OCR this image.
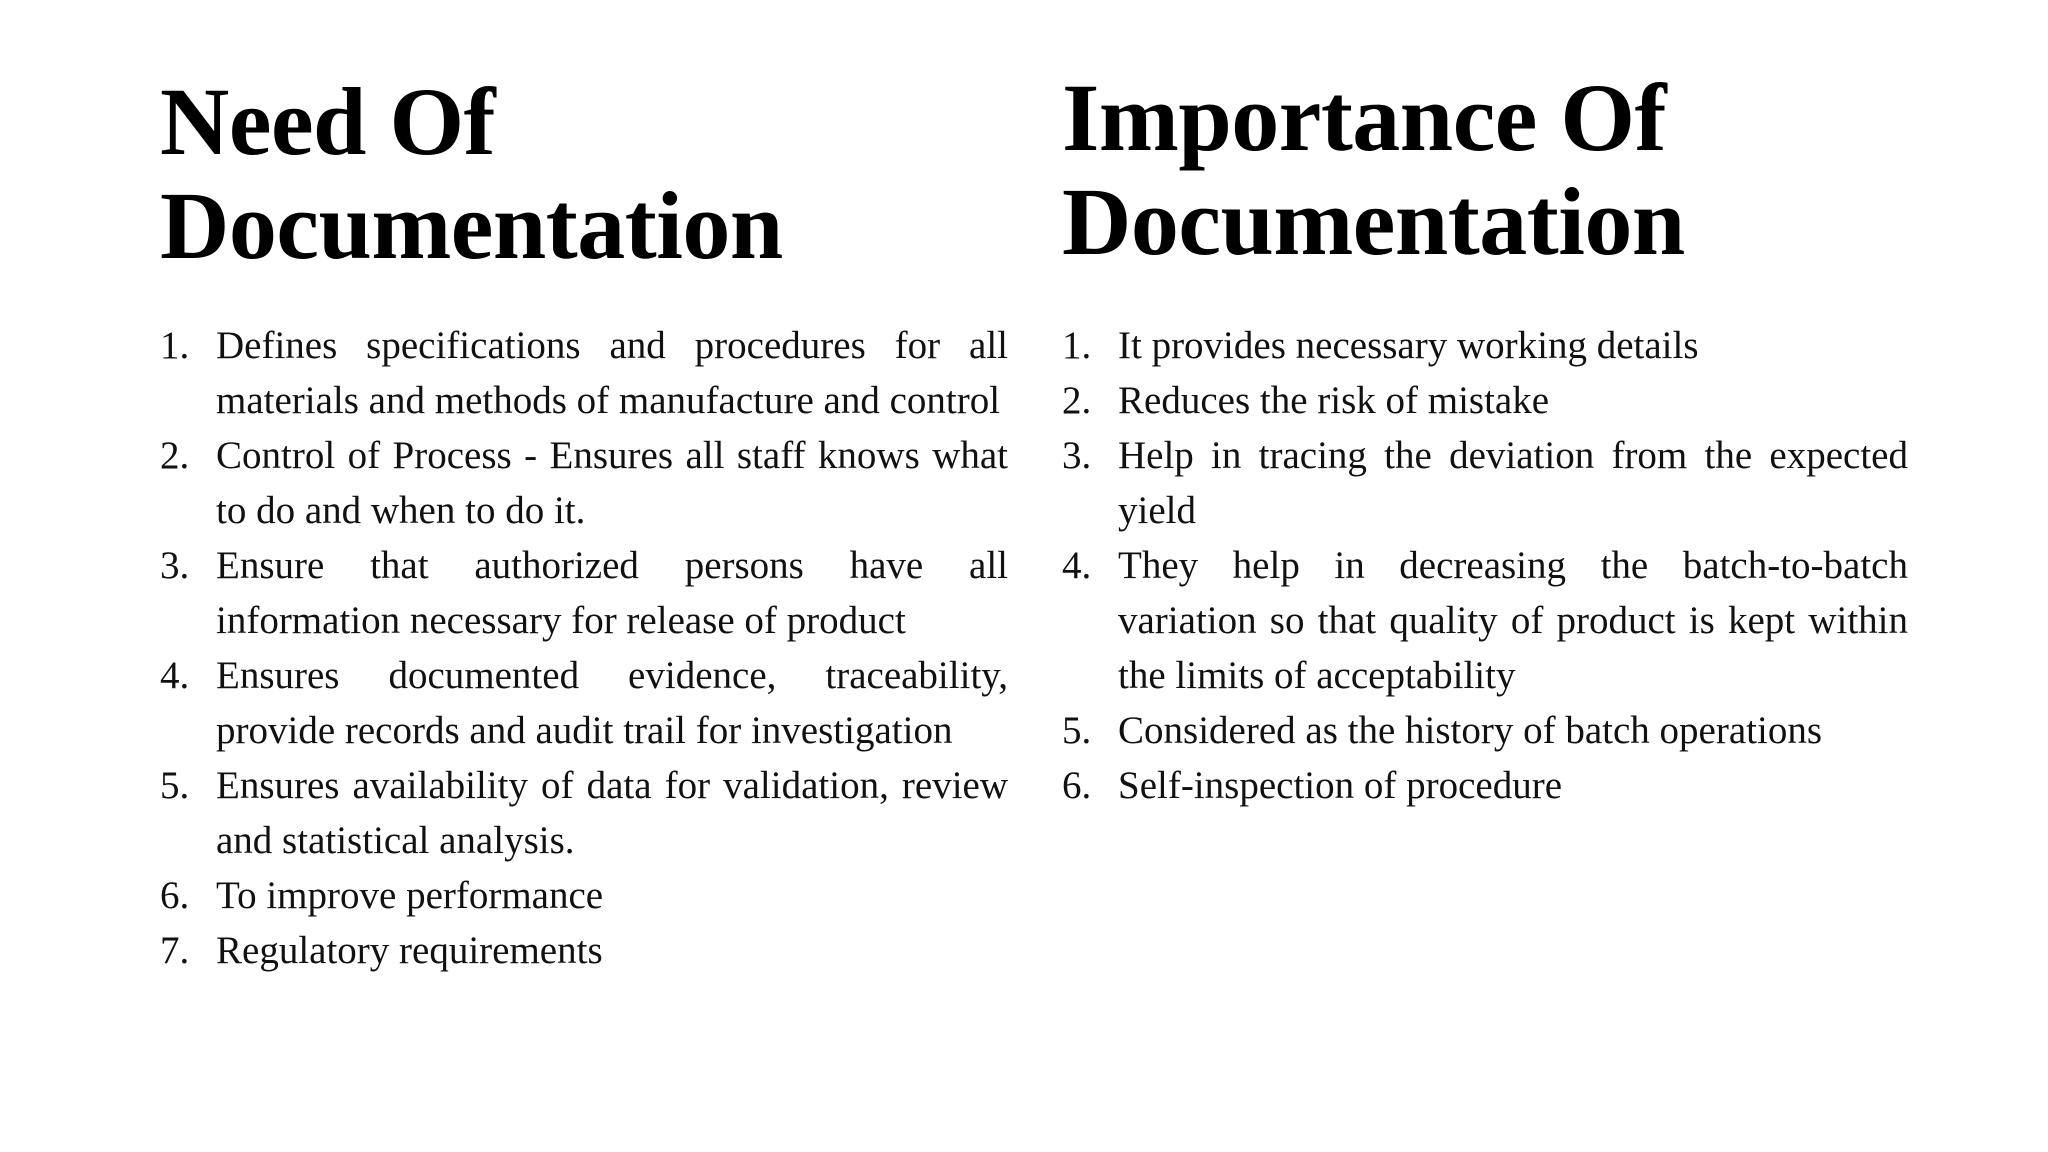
Need Of
Documentation
1. Defines specifications and procedures for all materials and methods of manufacture and control
2. Control of Process - Ensures all staff knows what to do and when to do it.
3. Ensure that authorized persons have all information necessary for release of product
4. Ensures documented evidence, traceability, provide records and audit trail for investigation
5. Ensures availability of data for validation, review and statistical analysis.
6. To improve performance
7. Regulatory requirements
Importance Of
Documentation
1. It provides necessary working details
2. Reduces the risk of mistake
3. Help in tracing the deviation from the expected yield
4. They help in decreasing the batch-to-batch variation so that quality of product is kept within the limits of acceptability
5. Considered as the history of batch operations
6. Self-inspection of procedure
